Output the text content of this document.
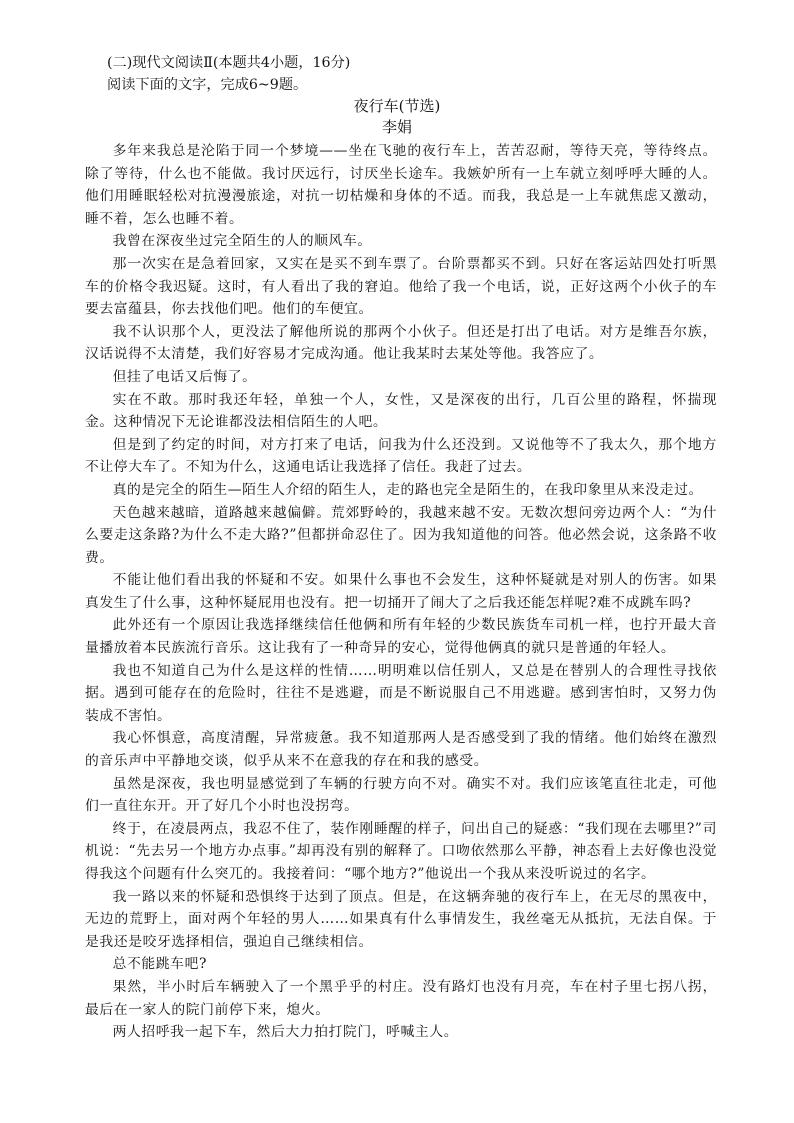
(二)现代文阅读Ⅱ(本题共4小题，16分)
阅读下面的文字，完成6~9题。
夜行车(节选)
李娟

多年来我总是沦陷于同一个梦境——坐在飞驰的夜行车上，苦苦忍耐，等待天亮，等待终点。除了等待，什么也不能做。我讨厌远行，讨厌坐长途车。我嫉妒所有一上车就立刻呼呼大睡的人。他们用睡眠轻松对抗漫漫旅途，对抗一切枯燥和身体的不适。而我，我总是一上车就焦虑又激动，睡不着，怎么也睡不着。

我曾在深夜坐过完全陌生的人的顺风车。

那一次实在是急着回家，又实在是买不到车票了。台阶票都买不到。只好在客运站四处打听黑车的价格令我迟疑。这时，有人看出了我的窘迫。他给了我一个电话，说，正好这两个小伙子的车要去富蕴县，你去找他们吧。他们的车便宜。

我不认识那个人，更没法了解他所说的那两个小伙子。但还是打出了电话。对方是维吾尔族，汉话说得不太清楚，我们好容易才完成沟通。他让我某时去某处等他。我答应了。

但挂了电话又后悔了。

实在不敢。那时我还年轻，单独一个人，女性，又是深夜的出行，几百公里的路程，怀揣现金。这种情况下无论谁都没法相信陌生的人吧。

但是到了约定的时间，对方打来了电话，问我为什么还没到。又说他等不了我太久，那个地方不让停大车了。不知为什么，这通电话让我选择了信任。我赶了过去。

真的是完全的陌生—陌生人介绍的陌生人，走的路也完全是陌生的，在我印象里从来没走过。

天色越来越暗，道路越来越偏僻。荒郊野岭的，我越来越不安。无数次想问旁边两个人：“为什么要走这条路?为什么不走大路?”但都拼命忍住了。因为我知道他的问答。他必然会说，这条路不收费。

不能让他们看出我的怀疑和不安。如果什么事也不会发生，这种怀疑就是对别人的伤害。如果真发生了什么事，这种怀疑屁用也没有。把一切捅开了闹大了之后我还能怎样呢?难不成跳车吗?

此外还有一个原因让我选择继续信任他俩和所有年轻的少数民族货车司机一样，也拧开最大音量播放着本民族流行音乐。这让我有了一种奇异的安心，觉得他俩真的就只是普通的年轻人。

我也不知道自己为什么是这样的性情……明明难以信任别人，又总是在替别人的合理性寻找依据。遇到可能存在的危险时，往往不是逃避，而是不断说服自己不用逃避。感到害怕时，又努力伪装成不害怕。

我心怀惧意，高度清醒，异常疲惫。我不知道那两人是否感受到了我的情绪。他们始终在激烈的音乐声中平静地交谈，似乎从来不在意我的存在和我的感受。

虽然是深夜，我也明显感觉到了车辆的行驶方向不对。确实不对。我们应该笔直往北走，可他们一直往东开。开了好几个小时也没拐弯。

终于，在凌晨两点，我忍不住了，装作刚睡醒的样子，问出自己的疑惑：“我们现在去哪里?”司机说：“先去另一个地方办点事。”却再没有别的解释了。口吻依然那么平静，神态看上去好像也没觉得我这个问题有什么突兀的。我接着问：“哪个地方?”他说出一个我从来没听说过的名字。

我一路以来的怀疑和恐惧终于达到了顶点。但是，在这辆奔驰的夜行车上，在无尽的黑夜中，无边的荒野上，面对两个年轻的男人……如果真有什么事情发生，我丝毫无从抵抗，无法自保。于是我还是咬牙选择相信，强迫自己继续相信。

总不能跳车吧?

果然，半小时后车辆驶入了一个黑乎乎的村庄。没有路灯也没有月亮，车在村子里七拐八拐，最后在一家人的院门前停下来，熄火。

两人招呼我一起下车，然后大力拍打院门，呼喊主人。
